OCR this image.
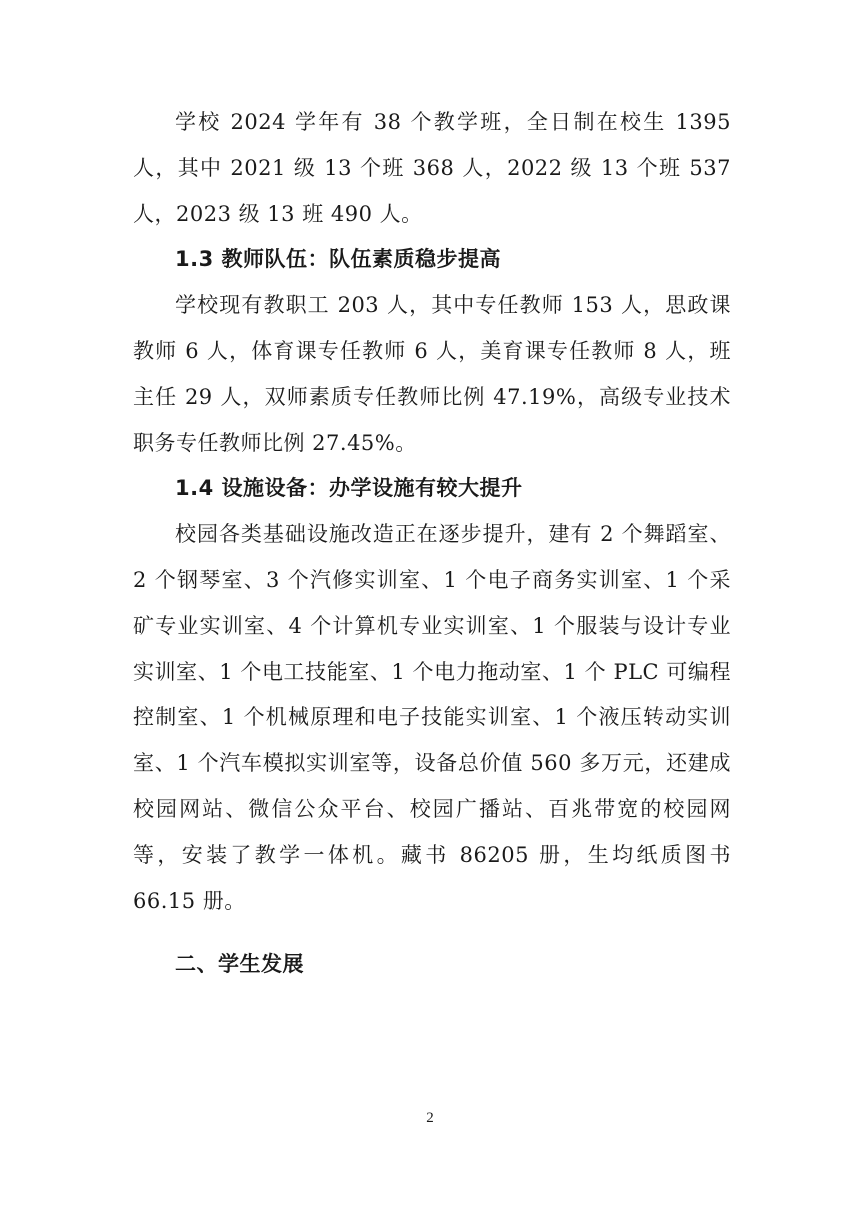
学校 2024 学年有 38 个教学班，全日制在校生 1395 人，其中 2021 级 13 个班 368 人，2022 级 13 个班 537 人，2023 级 13 班 490 人。

1.3 教师队伍：队伍素质稳步提高

学校现有教职工 203 人，其中专任教师 153 人，思政课教师 6 人，体育课专任教师 6 人，美育课专任教师 8 人，班主任 29 人，双师素质专任教师比例 47.19%，高级专业技术职务专任教师比例 27.45%。

1.4 设施设备：办学设施有较大提升

校园各类基础设施改造正在逐步提升，建有 2 个舞蹈室、2 个钢琴室、3 个汽修实训室、1 个电子商务实训室、1 个采矿专业实训室、4 个计算机专业实训室、1 个服装与设计专业实训室、1 个电工技能室、1 个电力拖动室、1 个 PLC 可编程控制室、1 个机械原理和电子技能实训室、1 个液压转动实训室、1 个汽车模拟实训室等，设备总价值 560 多万元，还建成校园网站、微信公众平台、校园广播站、百兆带宽的校园网等，安装了教学一体机。藏书 86205 册，生均纸质图书 66.15 册。

二、学生发展
2
